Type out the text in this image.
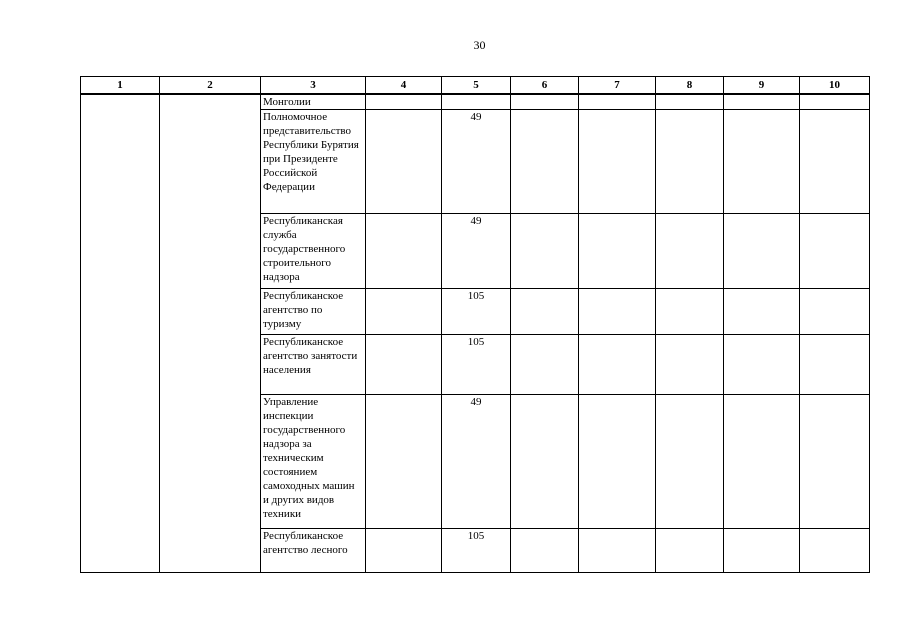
30
1	2	3	4	5	6	7	8	9	10
		Монголии							
		Полномочное представительство Республики Бурятия при Президенте Российской Федерации		49					
		Республиканская служба государственного строительного надзора		49					
		Республиканское агентство по туризму		105					
		Республиканское агентство занятости населения		105					
		Управление инспекции государственного надзора за техническим состоянием самоходных машин и других видов техники		49					
		Республиканское агентство лесного		105					
